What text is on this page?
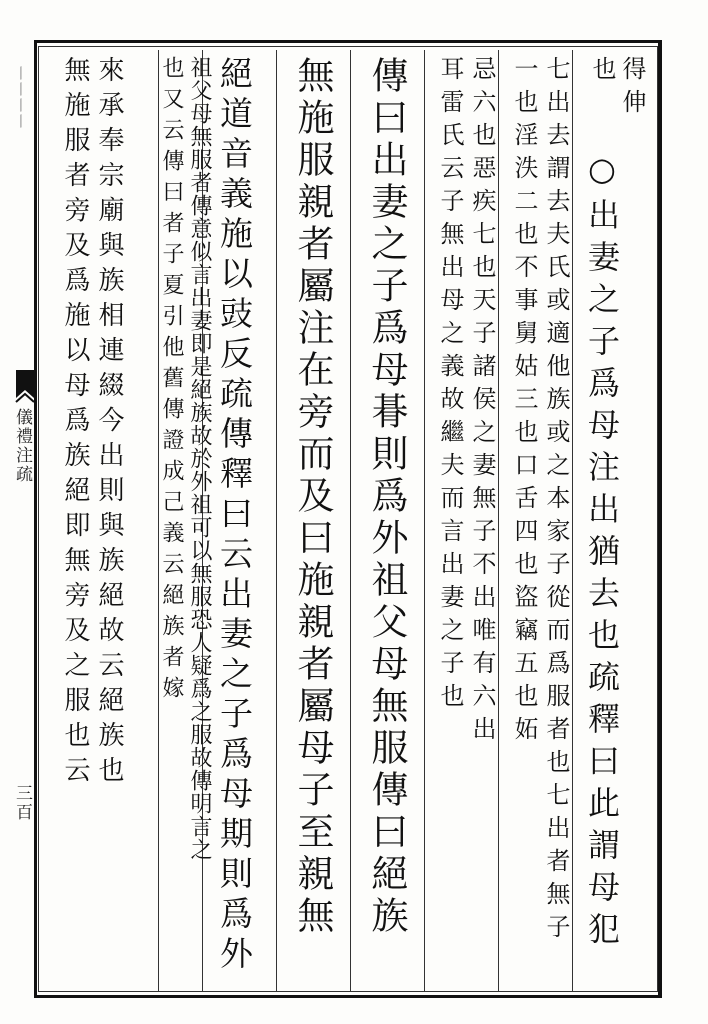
丨丨丨丨
儀禮注疏
三百
得伸
也
○出妻之子爲母注出猶去也疏釋曰此謂母犯
七出去謂去夫氏或適他族或之本家子從而爲服者也七出者無子
一也淫泆二也不事舅姑三也口舌四也盜竊五也妬
忌六也惡疾七也天子諸侯之妻無子不出唯有六出
耳雷氏云子無出母之義故繼夫而言出妻之子也
傳曰出妻之子爲母朞則爲外祖父母無服傳曰絕族
無施服親者屬注在旁而及曰施親者屬母子至親無
絕道音義施以豉反疏傳釋曰云出妻之子爲母期則爲外
祖父母無服者傳意似言出妻即是絕族故於外祖可以無服恐人疑爲之服故傳明言之
也又云傳曰者子夏引他舊傳證成己義云絕族者嫁
來承奉宗廟與族相連綴今出則與族絕故云絕族也
無施服者旁及爲施以母爲族絕即無旁及之服也云
